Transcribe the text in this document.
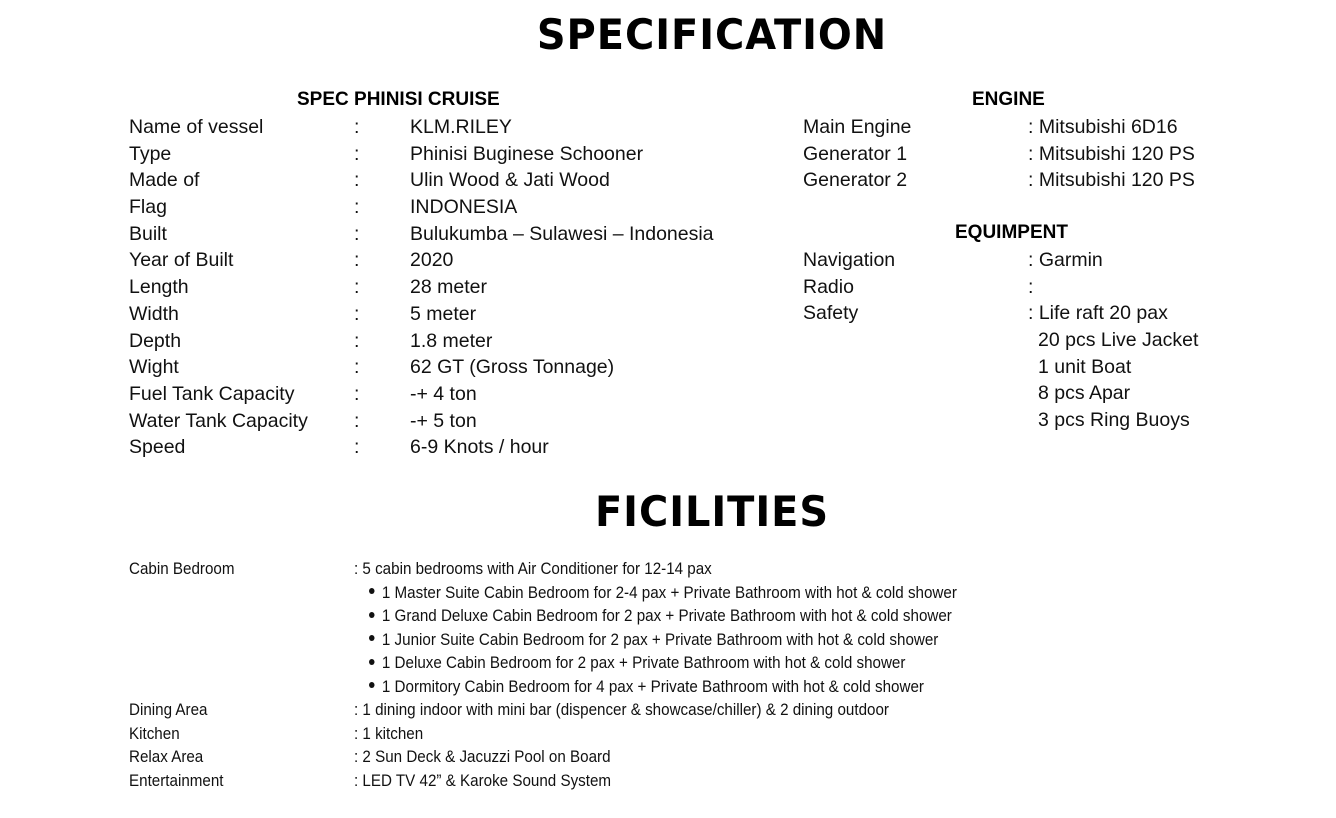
SPECIFICATION
SPEC PHINISI CRUISE	ENGINE
EQUIMPENT
Name of vessel	:	KLM.RILEY
Type	:	Phinisi Buginese Schooner
Made of	:	Ulin Wood & Jati Wood
Flag	:	INDONESIA
Built	:	Bulukumba – Sulawesi – Indonesia
Year of Built	:	2020
Length	:	28 meter
Width	:	5 meter
Depth	:	1.8 meter
Wight	:	62 GT (Gross Tonnage)
Fuel Tank Capacity	:	-+ 4 ton
Water Tank Capacity :	-+ 5 ton
Speed	:	6-9 Knots / hour
Main Engine	: Mitsubishi 6D16
Generator 1	: Mitsubishi 120 PS
Generator 2	: Mitsubishi 120 PS
Navigation	: Garmin
Radio	:
Safety	: Life raft 20 pax
20 pcs Live Jacket
1 unit Boat
8 pcs Apar
3 pcs Ring Buoys
FICILITIES
Cabin Bedroom	: 5 cabin bedrooms with Air Conditioner for 12-14 pax
1 Master Suite Cabin Bedroom for 2-4 pax + Private Bathroom with hot & cold shower
1 Grand Deluxe Cabin Bedroom for 2 pax + Private Bathroom with hot & cold shower
1 Junior Suite Cabin Bedroom for 2 pax + Private Bathroom with hot & cold shower
1 Deluxe Cabin Bedroom for 2 pax + Private Bathroom with hot & cold shower
1 Dormitory Cabin Bedroom for 4 pax + Private Bathroom with hot & cold shower
Dining Area	: 1 dining indoor with mini bar (dispencer & showcase/chiller) & 2 dining outdoor
Kitchen	: 1 kitchen
Relax Area	: 2 Sun Deck & Jacuzzi Pool on Board
Entertainment	: LED TV 42” & Karoke Sound System
